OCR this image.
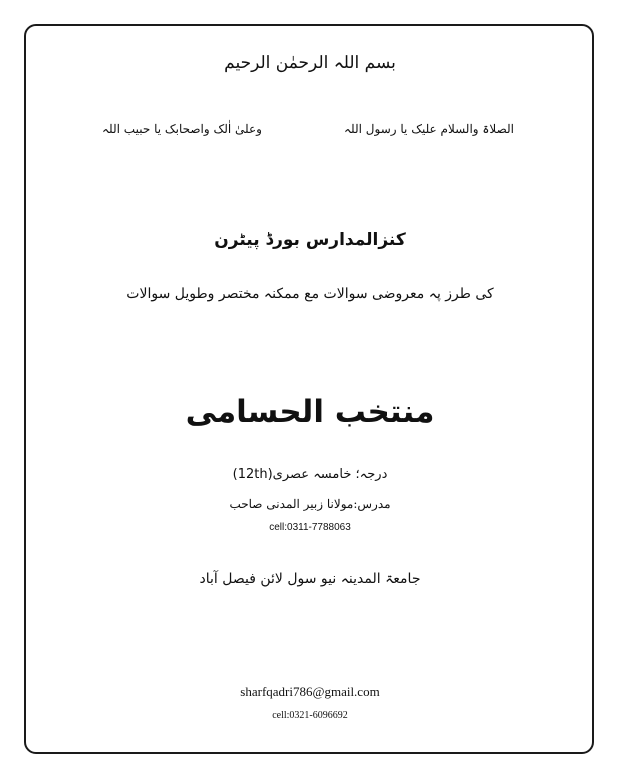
بسم اللہ الرحمٰن الرحیم
الصلاۃ والسلام علیک یا رسول اللہ
وعلیٰ اٰلک واصحابک یا حبیب اللہ
کنزالمدارس بورڈ پیٹرن
کی طرز پہ معروضی سوالات مع ممکنہ مختصر وطویل سوالات
منتخب الحسامی
درجہ؛ خامسہ عصری(12th)
مدرس:مولانا زبیر المدنی صاحب
cell:0311-7788063
جامعۃ المدینہ نیو سول لائن فیصل آباد
sharfqadri786@gmail.com
cell:0321-6096692
